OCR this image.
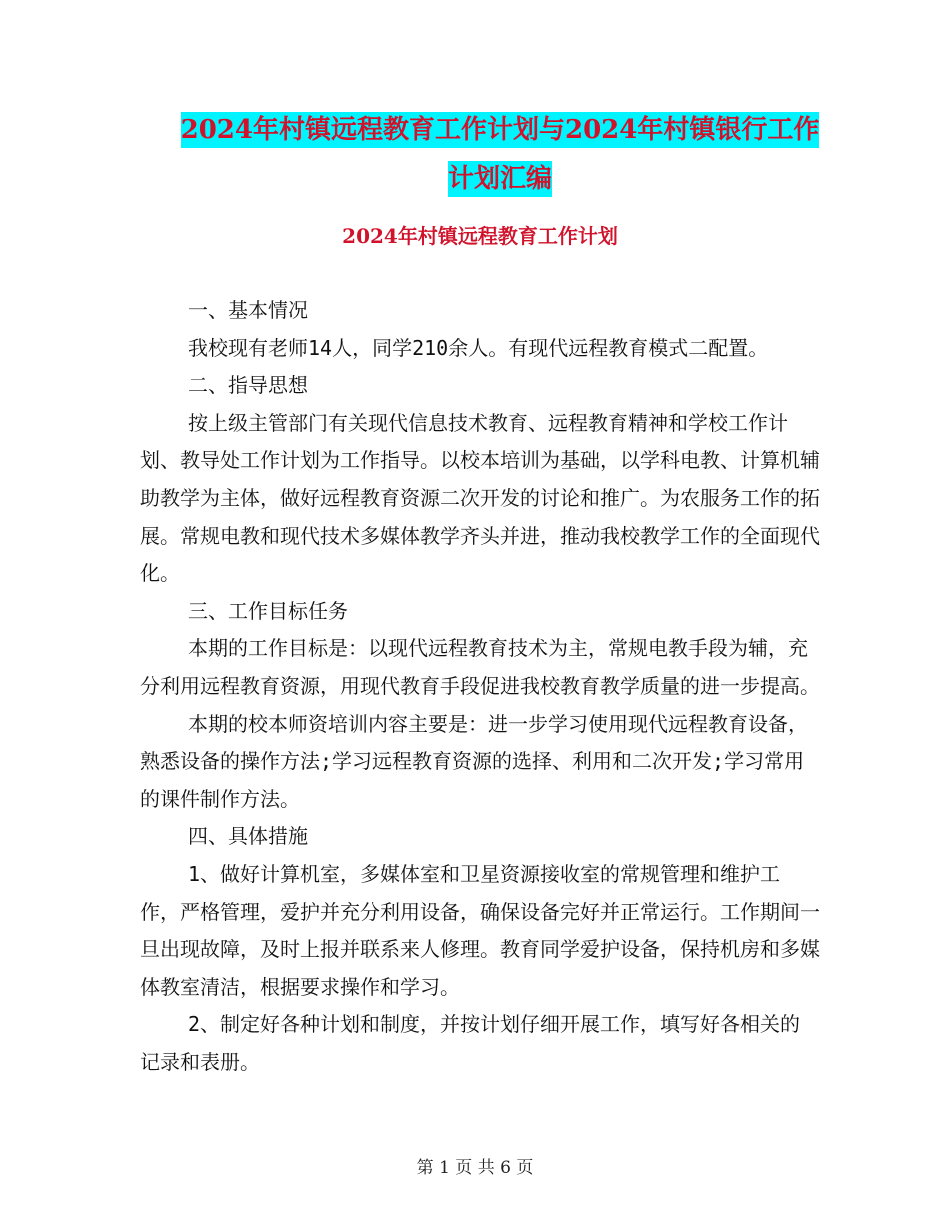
2024年村镇远程教育工作计划与2024年村镇银行工作
计划汇编
2024年村镇远程教育工作计划

一、基本情况

我校现有老师14人，同学210余人。有现代远程教育模式二配置。

二、指导思想

按上级主管部门有关现代信息技术教育、远程教育精神和学校工作计划、教导处工作计划为工作指导。以校本培训为基础，以学科电教、计算机辅助教学为主体，做好远程教育资源二次开发的讨论和推广。为农服务工作的拓展。常规电教和现代技术多媒体教学齐头并进，推动我校教学工作的全面现代化。

三、工作目标任务

本期的工作目标是：以现代远程教育技术为主，常规电教手段为辅，充分利用远程教育资源，用现代教育手段促进我校教育教学质量的进一步提高。

本期的校本师资培训内容主要是：进一步学习使用现代远程教育设备，熟悉设备的操作方法;学习远程教育资源的选择、利用和二次开发;学习常用的课件制作方法。

四、具体措施

1、做好计算机室，多媒体室和卫星资源接收室的常规管理和维护工作，严格管理，爱护并充分利用设备，确保设备完好并正常运行。工作期间一旦出现故障，及时上报并联系来人修理。教育同学爱护设备，保持机房和多媒体教室清洁，根据要求操作和学习。

2、制定好各种计划和制度，并按计划仔细开展工作，填写好各相关的记录和表册。

第 1 页 共 6 页
